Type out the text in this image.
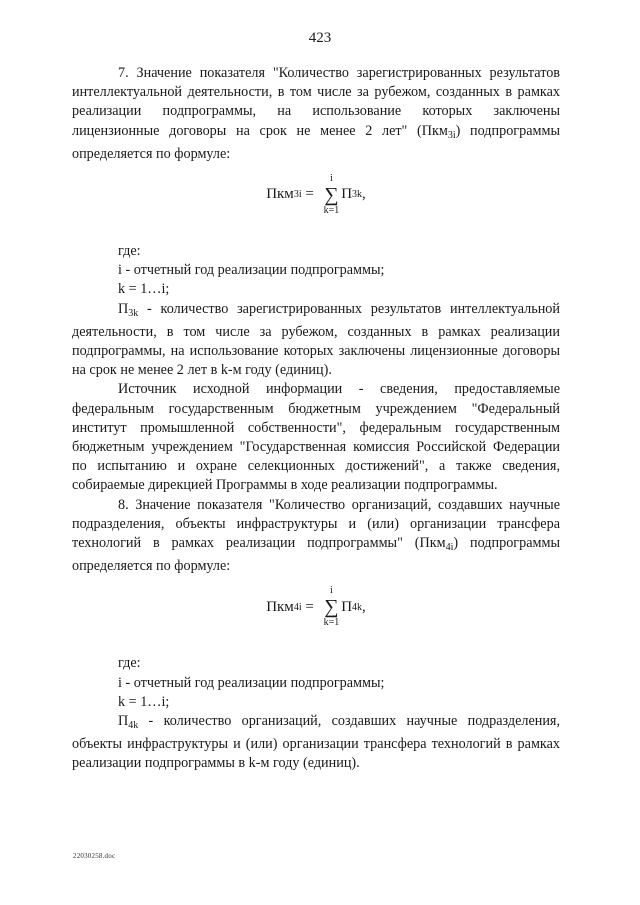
423

7. Значение показателя "Количество зарегистрированных результатов интеллектуальной деятельности, в том числе за рубежом, созданных в рамках реализации подпрограммы, на использование которых заключены лицензионные договоры на срок не менее 2 лет" (Пкм$_{3i}$) подпрограммы определяется по формуле:

Пкм 3i =
i
∑
k=1
П 3k ,

где:

i - отчетный год реализации подпрограммы;

k = 1…i;

$П_{3k}$ - количество зарегистрированных результатов интеллектуальной деятельности, в том числе за рубежом, созданных в рамках реализации подпрограммы, на использование которых заключены лицензионные договоры на срок не менее 2 лет в k-м году (единиц).

Источник исходной информации - сведения, предоставляемые федеральным государственным бюджетным учреждением "Федеральный институт промышленной собственности", федеральным государственным бюджетным учреждением "Государственная комиссия Российской Федерации по испытанию и охране селекционных достижений", а также сведения, собираемые дирекцией Программы в ходе реализации подпрограммы.

8. Значение показателя "Количество организаций, создавших научные подразделения, объекты инфраструктуры и (или) организации трансфера технологий в рамках реализации подпрограммы" (Пкм$_{4i}$) подпрограммы определяется по формуле:

Пкм 4i =
i
∑
k=1
П 4k ,

где:

i - отчетный год реализации подпрограммы;

k = 1…i;

$П_{4k}$ - количество организаций, создавших научные подразделения, объекты инфраструктуры и (или) организации трансфера технологий в рамках реализации подпрограммы в k-м году (единиц).

22030258.doc
